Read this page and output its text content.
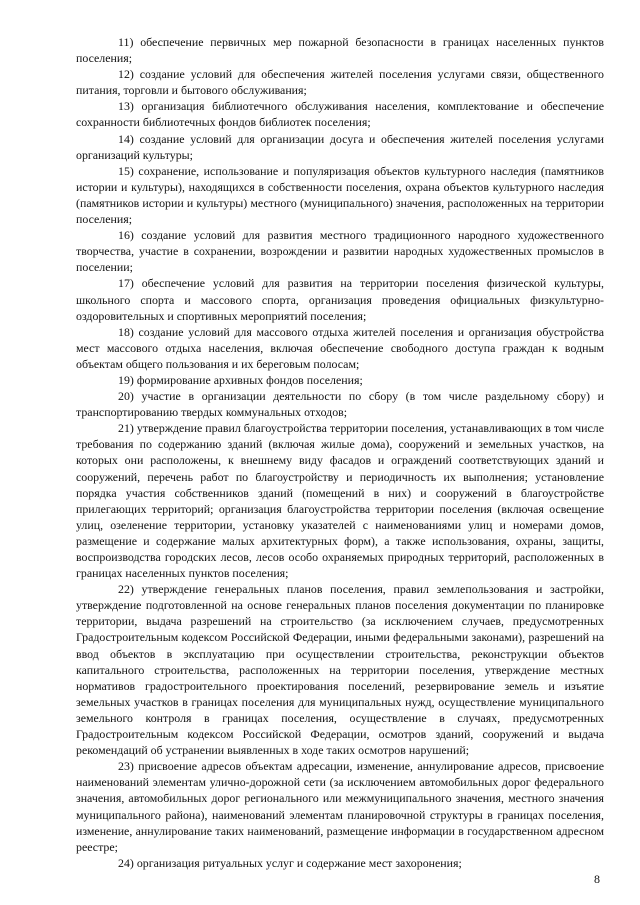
11) обеспечение первичных мер пожарной безопасности в границах населенных пунктов поселения;

12) создание условий для обеспечения жителей поселения услугами связи, общественного питания, торговли и бытового обслуживания;

13) организация библиотечного обслуживания населения, комплектование и обеспечение сохранности библиотечных фондов библиотек поселения;

14) создание условий для организации досуга и обеспечения жителей поселения услугами организаций культуры;

15) сохранение, использование и популяризация объектов культурного наследия (памятников истории и культуры), находящихся в собственности поселения, охрана объектов культурного наследия (памятников истории и культуры) местного (муниципального) значения, расположенных на территории поселения;

16) создание условий для развития местного традиционного народного художественного творчества, участие в сохранении, возрождении и развитии народных художественных промыслов в поселении;

17) обеспечение условий для развития на территории поселения физической культуры, школьного спорта и массового спорта, организация проведения официальных физкультурно-оздоровительных и спортивных мероприятий поселения;

18) создание условий для массового отдыха жителей поселения и организация обустройства мест массового отдыха населения, включая обеспечение свободного доступа граждан к водным объектам общего пользования и их береговым полосам;

19) формирование архивных фондов поселения;

20) участие в организации деятельности по сбору (в том числе раздельному сбору) и транспортированию твердых коммунальных отходов;

21) утверждение правил благоустройства территории поселения, устанавливающих в том числе требования по содержанию зданий (включая жилые дома), сооружений и земельных участков, на которых они расположены, к внешнему виду фасадов и ограждений соответствующих зданий и сооружений, перечень работ по благоустройству и периодичность их выполнения; установление порядка участия собственников зданий (помещений в них) и сооружений в благоустройстве прилегающих территорий; организация благоустройства территории поселения (включая освещение улиц, озеленение территории, установку указателей с наименованиями улиц и номерами домов, размещение и содержание малых архитектурных форм), а также использования, охраны, защиты, воспроизводства городских лесов, лесов особо охраняемых природных территорий, расположенных в границах населенных пунктов поселения;

22) утверждение генеральных планов поселения, правил землепользования и застройки, утверждение подготовленной на основе генеральных планов поселения документации по планировке территории, выдача разрешений на строительство (за исключением случаев, предусмотренных Градостроительным кодексом Российской Федерации, иными федеральными законами), разрешений на ввод объектов в эксплуатацию при осуществлении строительства, реконструкции объектов капитального строительства, расположенных на территории поселения, утверждение местных нормативов градостроительного проектирования поселений, резервирование земель и изъятие земельных участков в границах поселения для муниципальных нужд, осуществление муниципального земельного контроля в границах поселения, осуществление в случаях, предусмотренных Градостроительным кодексом Российской Федерации, осмотров зданий, сооружений и выдача рекомендаций об устранении выявленных в ходе таких осмотров нарушений;

23) присвоение адресов объектам адресации, изменение, аннулирование адресов, присвоение наименований элементам улично-дорожной сети (за исключением автомобильных дорог федерального значения, автомобильных дорог регионального или межмуниципального значения, местного значения муниципального района), наименований элементам планировочной структуры в границах поселения, изменение, аннулирование таких наименований, размещение информации в государственном адресном реестре;

24) организация ритуальных услуг и содержание мест захоронения;

8
